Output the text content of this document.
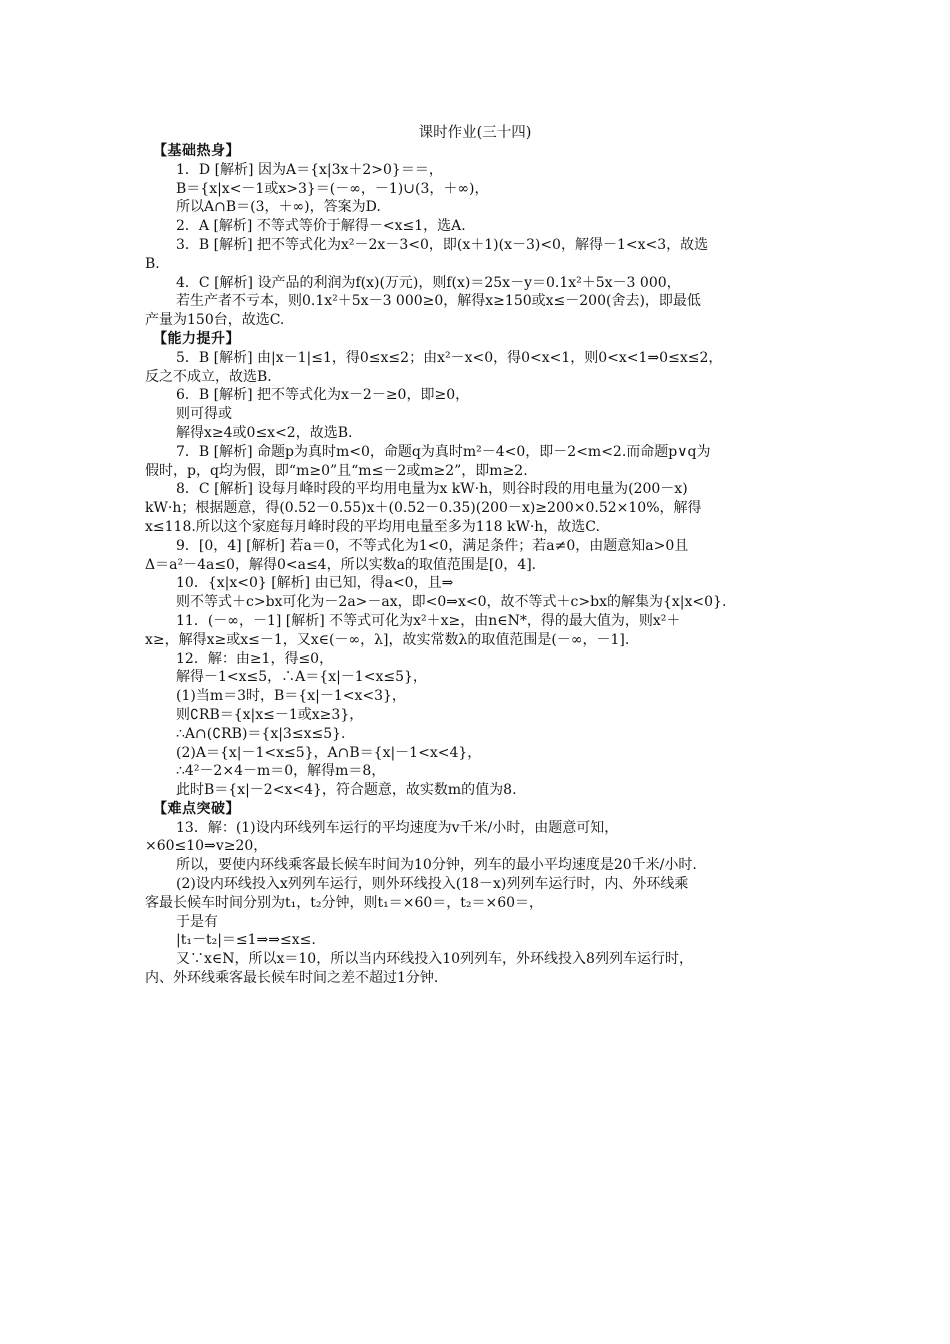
课时作业(三十四)
【基础热身】
1．D [解析] 因为A＝{x|3x＋2>0}＝＝，
B＝{x|x<－1或x>3}＝(－∞，－1)∪(3，＋∞)，
所以A∩B＝(3，＋∞)，答案为D.
2．A [解析] 不等式等价于解得－<x≤1，选A.
3．B [解析] 把不等式化为x²－2x－3<0，即(x＋1)(x－3)<0，解得－1<x<3，故选
B.
4．C [解析] 设产品的利润为f(x)(万元)，则f(x)＝25x－y＝0.1x²＋5x－3 000，
若生产者不亏本，则0.1x²＋5x－3 000≥0，解得x≥150或x≤－200(舍去)，即最低
产量为150台，故选C.
【能力提升】
5．B [解析] 由|x－1|≤1，得0≤x≤2；由x²－x<0，得0<x<1，则0<x<1⇒0≤x≤2，
反之不成立，故选B.
6．B [解析] 把不等式化为x－2－≥0，即≥0，
则可得或
解得x≥4或0≤x<2，故选B.
7．B [解析] 命题p为真时m<0，命题q为真时m²－4<0，即－2<m<2.而命题p∨q为
假时，p，q均为假，即“m≥0”且“m≤－2或m≥2”，即m≥2.
8．C [解析] 设每月峰时段的平均用电量为x kW·h，则谷时段的用电量为(200－x)
kW·h；根据题意，得(0.52－0.55)x＋(0.52－0.35)(200－x)≥200×0.52×10%，解得
x≤118.所以这个家庭每月峰时段的平均用电量至多为118 kW·h，故选C.
9．[0，4] [解析] 若a＝0，不等式化为1<0，满足条件；若a≠0，由题意知a>0且
Δ＝a²－4a≤0，解得0<a≤4，所以实数a的取值范围是[0，4].
10．{x|x<0} [解析] 由已知，得a<0，且⇒
则不等式＋c>bx可化为－2a>－ax，即<0⇒x<0，故不等式＋c>bx的解集为{x|x<0}.
11．(－∞，－1] [解析] 不等式可化为x²＋x≥，由n∈N*，得的最大值为，则x²＋
x≥，解得x≥或x≤－1，又x∈(－∞，λ]，故实常数λ的取值范围是(－∞，－1].
12．解：由≥1，得≤0，
解得－1<x≤5，∴A＝{x|－1<x≤5}，
(1)当m＝3时，B＝{x|－1<x<3}，
则∁RB＝{x|x≤－1或x≥3}，
∴A∩(∁RB)＝{x|3≤x≤5}.
(2)A＝{x|－1<x≤5}，A∩B＝{x|－1<x<4}，
∴4²－2×4－m＝0，解得m＝8，
此时B＝{x|－2<x<4}，符合题意，故实数m的值为8.
【难点突破】
13．解：(1)设内环线列车运行的平均速度为v千米/小时，由题意可知，
×60≤10⇒v≥20，
所以，要使内环线乘客最长候车时间为10分钟，列车的最小平均速度是20千米/小时.
(2)设内环线投入x列列车运行，则外环线投入(18－x)列列车运行时，内、外环线乘
客最长候车时间分别为t₁，t₂分钟，则t₁＝×60＝，t₂＝×60＝，
于是有
|t₁－t₂|＝≤1⇒⇒≤x≤.
又∵x∈N，所以x＝10，所以当内环线投入10列列车，外环线投入8列列车运行时，
内、外环线乘客最长候车时间之差不超过1分钟.
